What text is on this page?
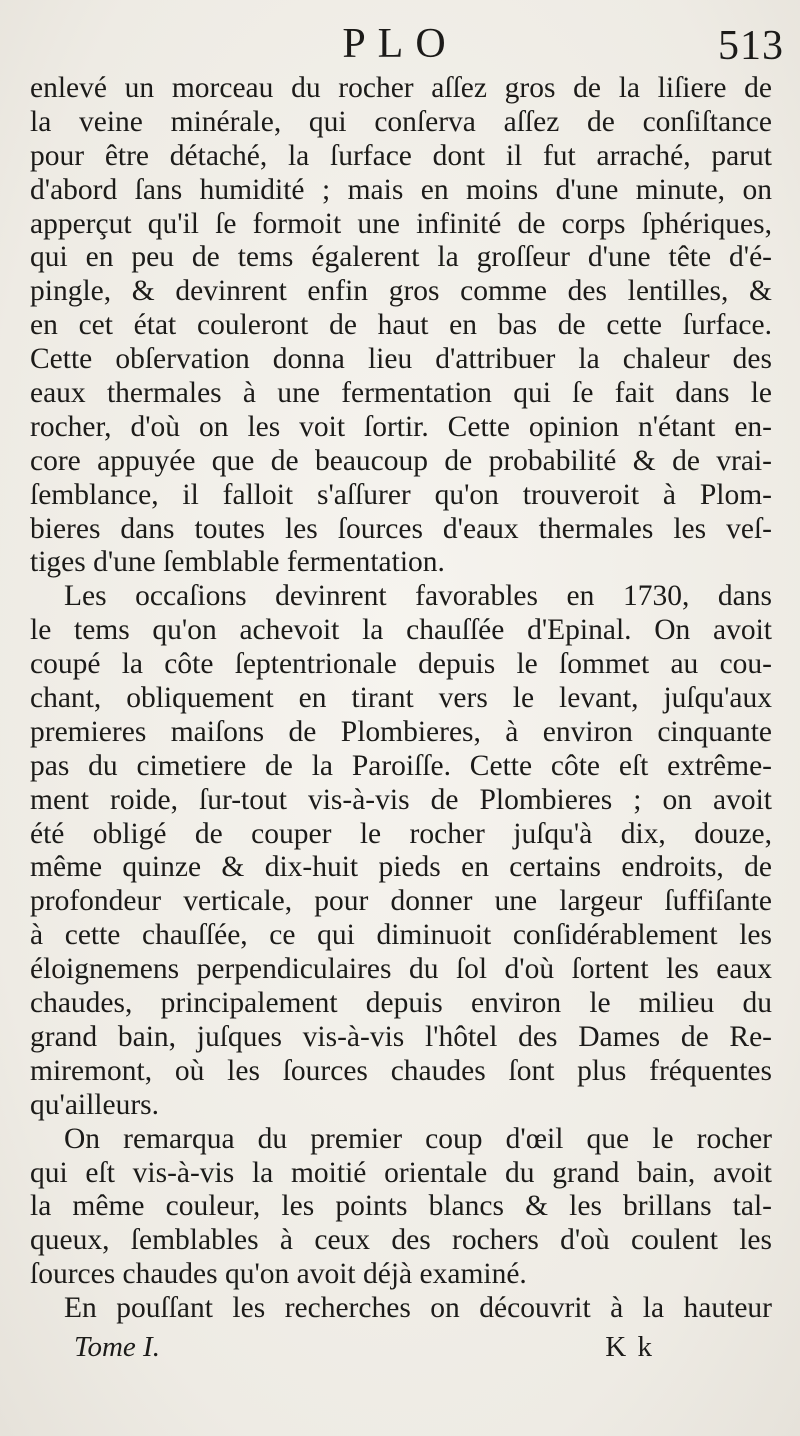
PLO	513

enlevé un morceau du rocher aſſez gros de la liſiere de
la veine minérale, qui conſerva aſſez de conſiſtance
pour être détaché, la ſurface dont il fut arraché, parut
d'abord ſans humidité ; mais en moins d'une minute, on
apperçut qu'il ſe formoit une infinité de corps ſphériques,
qui en peu de tems égalerent la groſſeur d'une tête d'é-
pingle, & devinrent enfin gros comme des lentilles, &
en cet état couleront de haut en bas de cette ſurface.
Cette obſervation donna lieu d'attribuer la chaleur des
eaux thermales à une fermentation qui ſe fait dans le
rocher, d'où on les voit ſortir. Cette opinion n'étant en-
core appuyée que de beaucoup de probabilité & de vrai-
ſemblance, il falloit s'aſſurer qu'on trouveroit à Plom-
bieres dans toutes les ſources d'eaux thermales les veſ-
tiges d'une ſemblable fermentation.

Les occaſions devinrent favorables en 1730, dans
le tems qu'on achevoit la chauſſée d'Epinal. On avoit
coupé la côte ſeptentrionale depuis le ſommet au cou-
chant, obliquement en tirant vers le levant, juſqu'aux
premieres maiſons de Plombieres, à environ cinquante
pas du cimetiere de la Paroiſſe. Cette côte eſt extrême-
ment roide, ſur-tout vis-à-vis de Plombieres ; on avoit
été obligé de couper le rocher juſqu'à dix, douze,
même quinze & dix-huit pieds en certains endroits, de
profondeur verticale, pour donner une largeur ſuffiſante
à cette chauſſée, ce qui diminuoit conſidérablement les
éloignemens perpendiculaires du ſol d'où ſortent les eaux
chaudes, principalement depuis environ le milieu du
grand bain, juſques vis-à-vis l'hôtel des Dames de Re-
miremont, où les ſources chaudes ſont plus fréquentes
qu'ailleurs.

On remarqua du premier coup d'œil que le rocher
qui eſt vis-à-vis la moitié orientale du grand bain, avoit
la même couleur, les points blancs & les brillans tal-
queux, ſemblables à ceux des rochers d'où coulent les
ſources chaudes qu'on avoit déjà examiné.

En pouſſant les recherches on découvrit à la hauteur

Tome I.	K k
